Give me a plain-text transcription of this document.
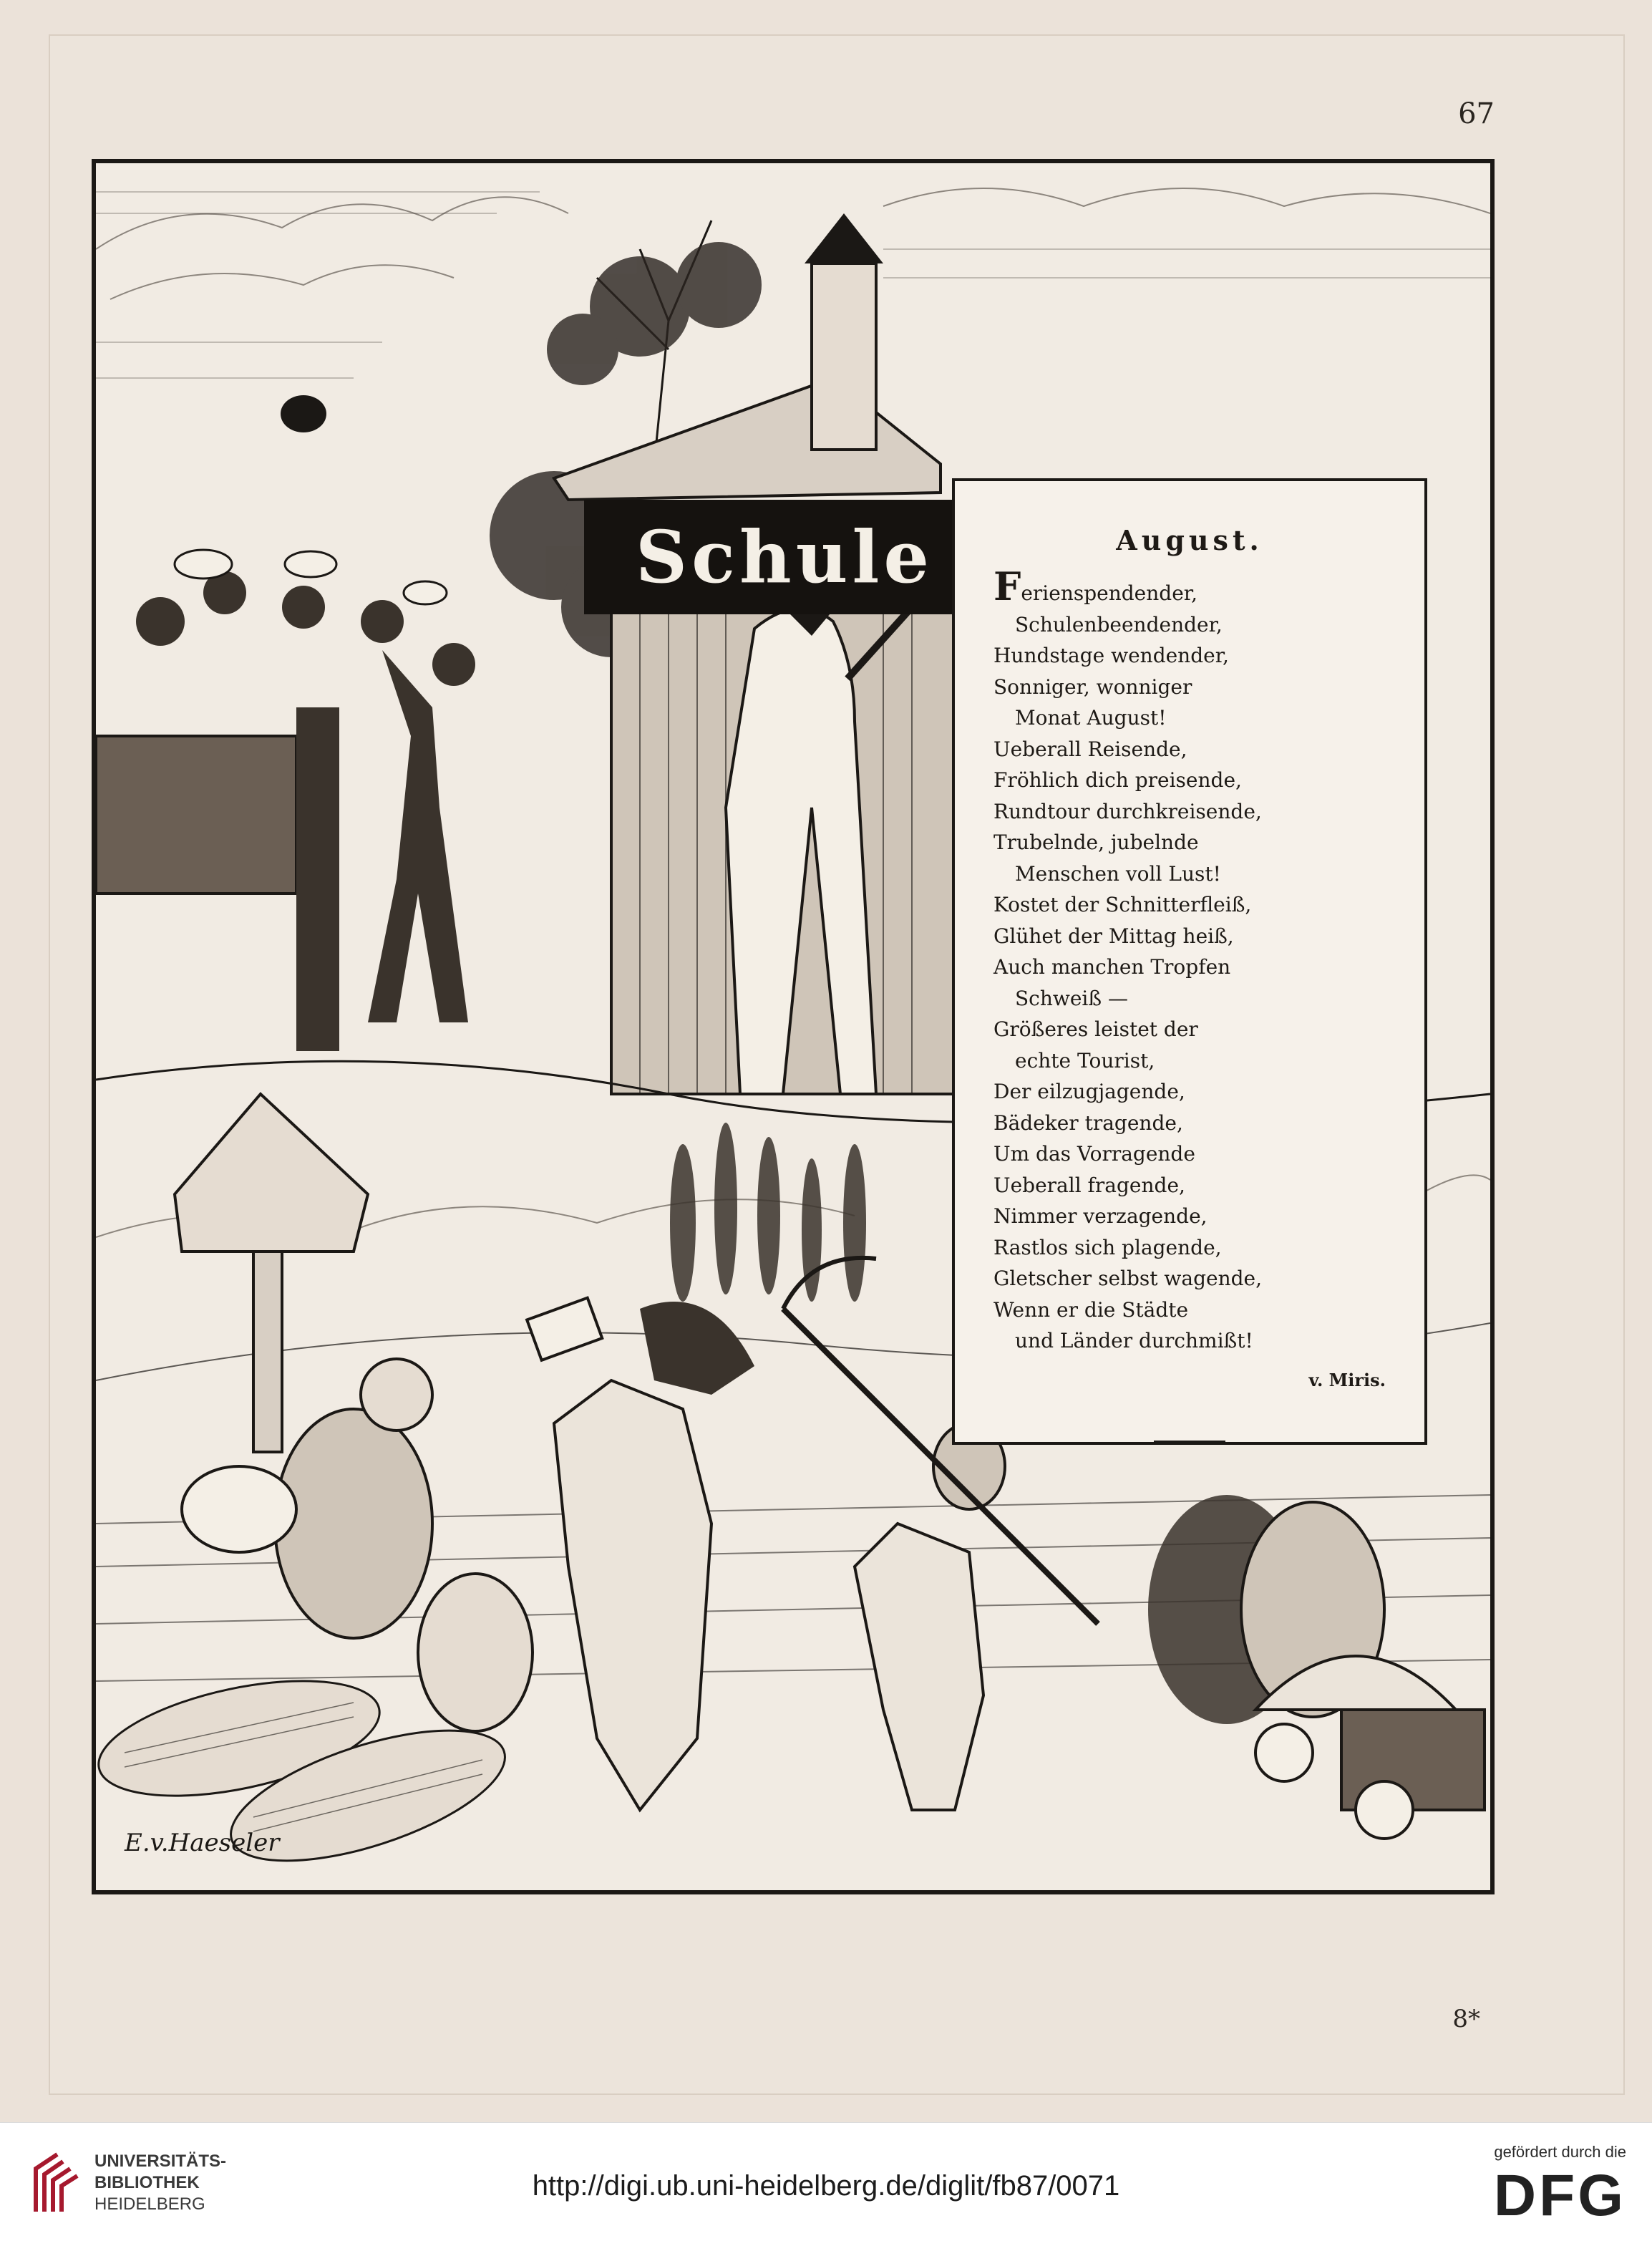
67
Schule
E.v.Haeseler
August.
Ferienspendender,
Schulenbeendender,
Hundstage wendender,
Sonniger, wonniger
Monat August!
Ueberall Reisende,
Fröhlich dich preisende,
Rundtour durchkreisende,
Trubelnde, jubelnde
Menschen voll Lust!
Kostet der Schnitterfleiß,
Glühet der Mittag heiß,
Auch manchen Tropfen
Schweiß —
Größeres leistet der
echte Tourist,
Der eilzugjagende,
Bädeker tragende,
Um das Vorragende
Ueberall fragende,
Nimmer verzagende,
Rastlos sich plagende,
Gletscher selbst wagende,
Wenn er die Städte
und Länder durchmißt!
v. Miris.
8*
UNIVERSITÄTS-
BIBLIOTHEK
HEIDELBERG
http://digi.ub.uni-heidelberg.de/diglit/fb87/0071
gefördert durch die
DFG
